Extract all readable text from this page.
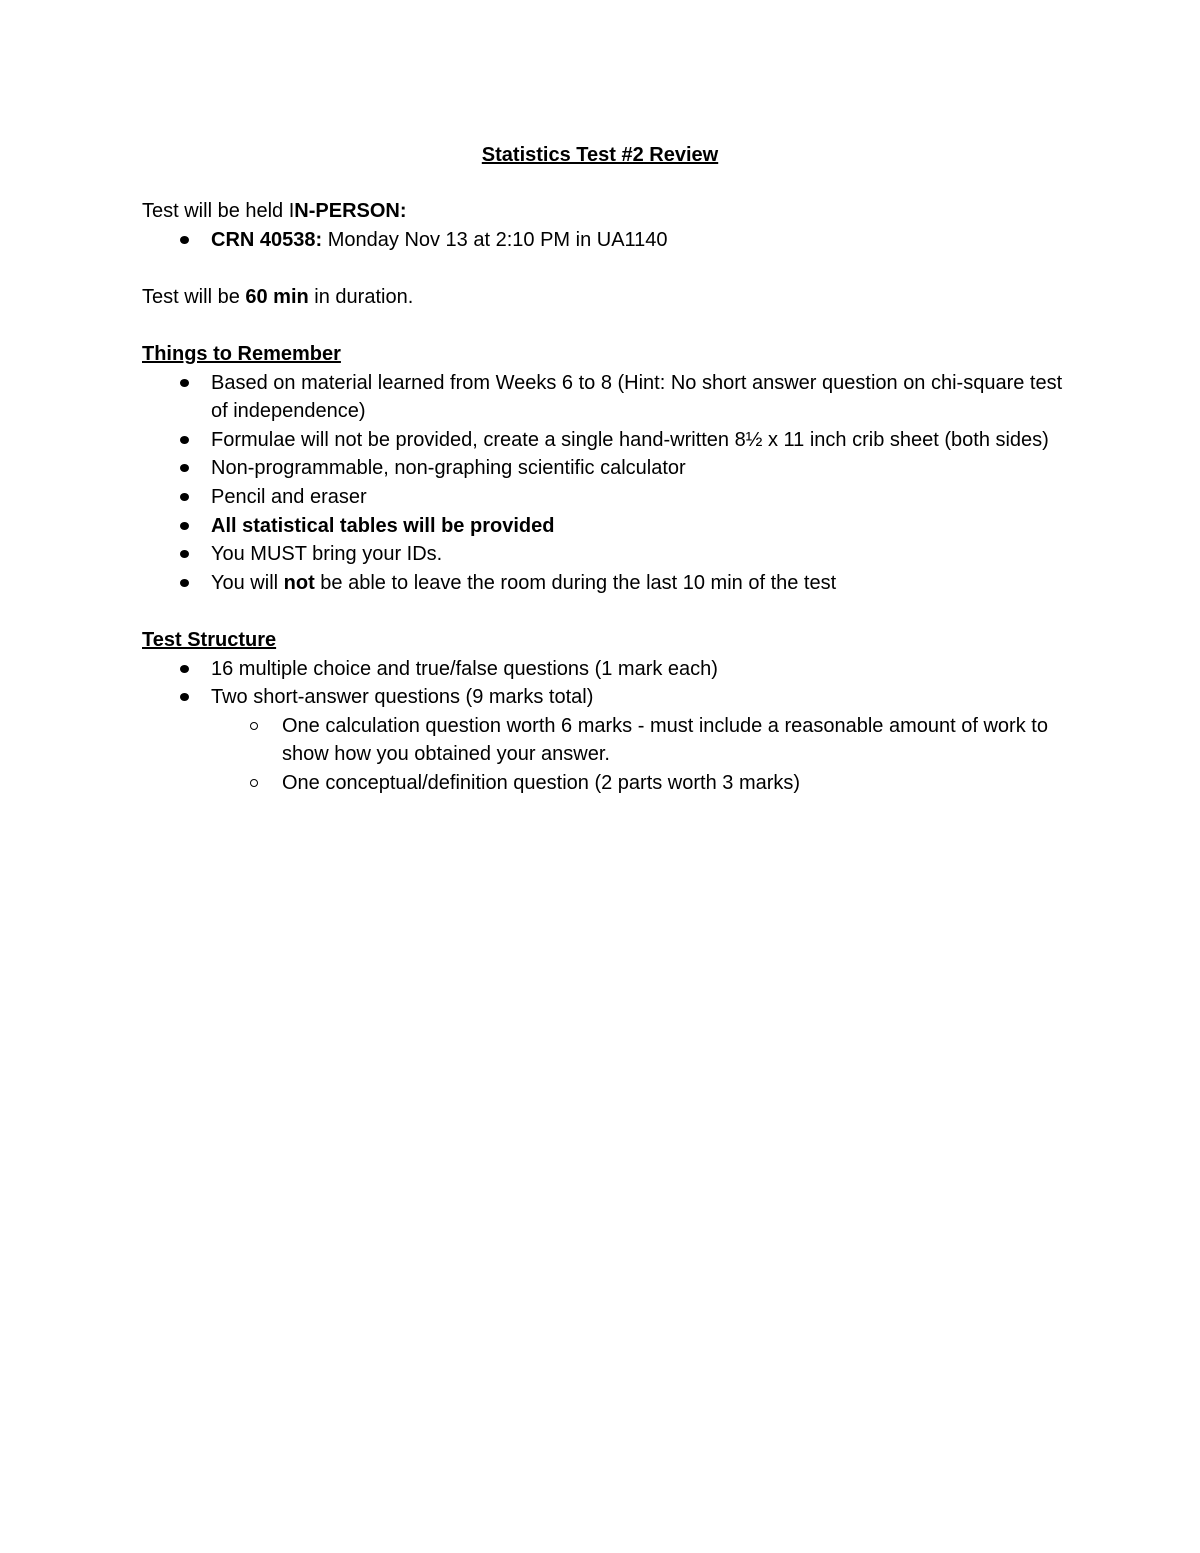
Statistics Test #2 Review

Test will be held IN-PERSON:

CRN 40538: Monday Nov 13 at 2:10 PM in UA1140

Test will be 60 min in duration.

Things to Remember

Based on material learned from Weeks 6 to 8 (Hint: No short answer question on chi-square test of independence)
Formulae will not be provided, create a single hand-written 8½ x 11 inch crib sheet (both sides)
Non-programmable, non-graphing scientific calculator
Pencil and eraser
All statistical tables will be provided
You MUST bring your IDs.
You will not be able to leave the room during the last 10 min of the test

Test Structure

16 multiple choice and true/false questions (1 mark each)
Two short-answer questions (9 marks total)
One calculation question worth 6 marks - must include a reasonable amount of work to show how you obtained your answer.
One conceptual/definition question (2 parts worth 3 marks)
